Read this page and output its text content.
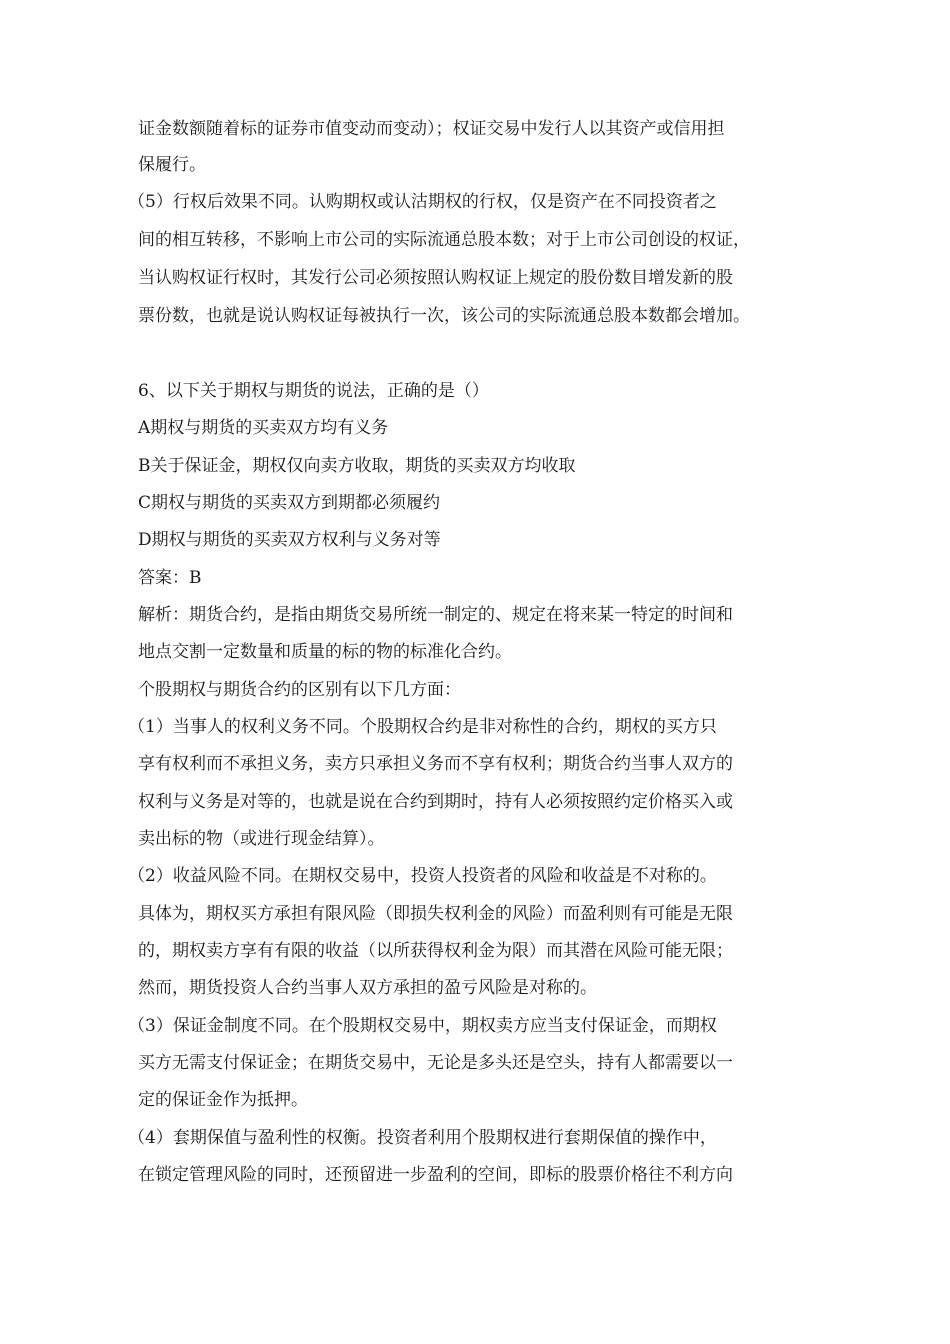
证金数额随着标的证券市值变动而变动）；权证交易中发行人以其资产或信用担
保履行。
（5）行权后效果不同。认购期权或认沽期权的行权，仅是资产在不同投资者之
间的相互转移，不影响上市公司的实际流通总股本数；对于上市公司创设的权证，
当认购权证行权时，其发行公司必须按照认购权证上规定的股份数目增发新的股
票份数，也就是说认购权证每被执行一次，该公司的实际流通总股本数都会增加。
6、以下关于期权与期货的说法，正确的是（）
A期权与期货的买卖双方均有义务
B关于保证金，期权仅向卖方收取，期货的买卖双方均收取
C期权与期货的买卖双方到期都必须履约
D期权与期货的买卖双方权利与义务对等
答案：B
解析：期货合约，是指由期货交易所统一制定的、规定在将来某一特定的时间和
地点交割一定数量和质量的标的物的标准化合约。
个股期权与期货合约的区别有以下几方面：
（1）当事人的权利义务不同。个股期权合约是非对称性的合约，期权的买方只
享有权利而不承担义务，卖方只承担义务而不享有权利；期货合约当事人双方的
权利与义务是对等的，也就是说在合约到期时，持有人必须按照约定价格买入或
卖出标的物（或进行现金结算）。
（2）收益风险不同。在期权交易中，投资人投资者的风险和收益是不对称的。
具体为，期权买方承担有限风险（即损失权利金的风险）而盈利则有可能是无限
的，期权卖方享有有限的收益（以所获得权利金为限）而其潜在风险可能无限；
然而，期货投资人合约当事人双方承担的盈亏风险是对称的。
（3）保证金制度不同。在个股期权交易中，期权卖方应当支付保证金，而期权
买方无需支付保证金；在期货交易中，无论是多头还是空头，持有人都需要以一
定的保证金作为抵押。
（4）套期保值与盈利性的权衡。投资者利用个股期权进行套期保值的操作中，
在锁定管理风险的同时，还预留进一步盈利的空间，即标的股票价格往不利方向
